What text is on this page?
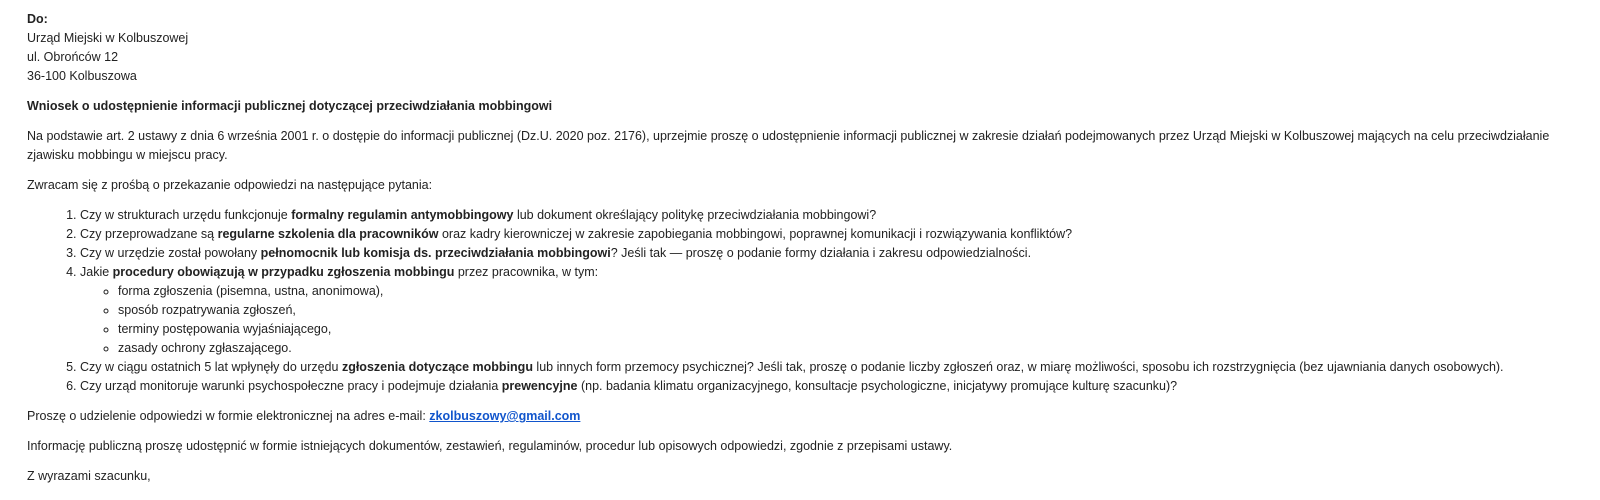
Do:
Urząd Miejski w Kolbuszowej
ul. Obrońców 12
36-100 Kolbuszowa

Wniosek o udostępnienie informacji publicznej dotyczącej przeciwdziałania mobbingowi

Na podstawie art. 2 ustawy z dnia 6 września 2001 r. o dostępie do informacji publicznej (Dz.U. 2020 poz. 2176), uprzejmie proszę o udostępnienie informacji publicznej w zakresie działań podejmowanych przez Urząd Miejski w Kolbuszowej mających na celu przeciwdziałanie zjawisku mobbingu w miejscu pracy.

Zwracam się z prośbą o przekazanie odpowiedzi na następujące pytania:

1. Czy w strukturach urzędu funkcjonuje formalny regulamin antymobbingowy lub dokument określający politykę przeciwdziałania mobbingowi?
2. Czy przeprowadzane są regularne szkolenia dla pracowników oraz kadry kierowniczej w zakresie zapobiegania mobbingowi, poprawnej komunikacji i rozwiązywania konfliktów?
3. Czy w urzędzie został powołany pełnomocnik lub komisja ds. przeciwdziałania mobbingowi? Jeśli tak — proszę o podanie formy działania i zakresu odpowiedzialności.
4. Jakie procedury obowiązują w przypadku zgłoszenia mobbingu przez pracownika, w tym:
◦ forma zgłoszenia (pisemna, ustna, anonimowa),
◦ sposób rozpatrywania zgłoszeń,
◦ terminy postępowania wyjaśniającego,
◦ zasady ochrony zgłaszającego.
5. Czy w ciągu ostatnich 5 lat wpłynęły do urzędu zgłoszenia dotyczące mobbingu lub innych form przemocy psychicznej? Jeśli tak, proszę o podanie liczby zgłoszeń oraz, w miarę możliwości, sposobu ich rozstrzygnięcia (bez ujawniania danych osobowych).
6. Czy urząd monitoruje warunki psychospołeczne pracy i podejmuje działania prewencyjne (np. badania klimatu organizacyjnego, konsultacje psychologiczne, inicjatywy promujące kulturę szacunku)?

Proszę o udzielenie odpowiedzi w formie elektronicznej na adres e-mail: zkolbuszowy@gmail.com

Informację publiczną proszę udostępnić w formie istniejących dokumentów, zestawień, regulaminów, procedur lub opisowych odpowiedzi, zgodnie z przepisami ustawy.

Z wyrazami szacunku,
